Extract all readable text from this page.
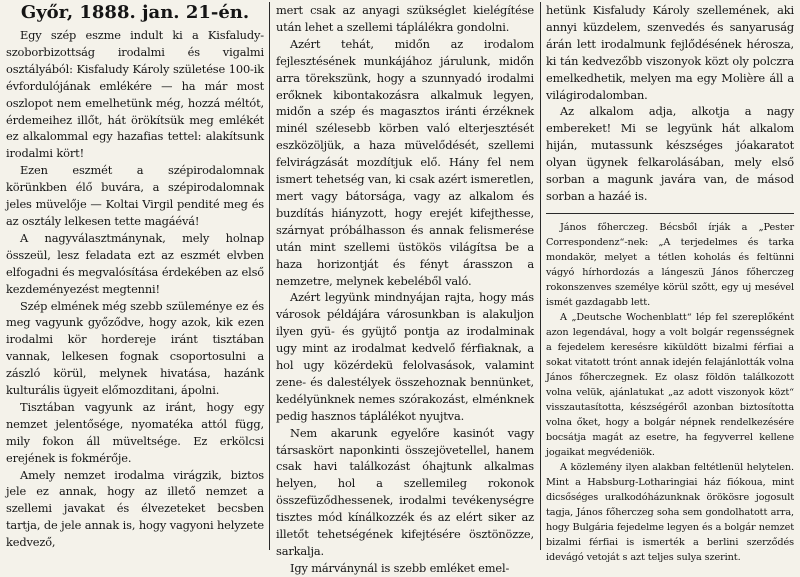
Győr, 1888. jan. 21-én.

Egy szép eszme indult ki a Kisfaludy-szoborbizottság irodalmi és vigalmi osztályából: Kisfaludy Károly születése 100-ik évfordulójának emlékére — ha már most oszlopot nem emelhetünk még, hozzá méltót, érdemeihez illőt, hát örökítsük meg emlékét ez alkalommal egy hazafias tettel: alakítsunk irodalmi kört!

Ezen eszmét a szépirodalomnak körünkben élő buvára, a szépirodalomnak jeles müvelője — Koltai Virgil pendité meg és az osztály lelkesen tette magáévá!

A nagyválasztmánynak, mely holnap összeül, lesz feladata ezt az eszmét elvben elfogadni és megvalósítása érdekében az első kezdeményezést megtenni!

Szép elmének még szebb szüleménye ez és meg vagyunk győződve, hogy azok, kik ezen irodalmi kör hordereje iránt tisztában vannak, lelkesen fognak csoportosulni a zászló körül, melynek hivatása, hazánk kulturális ügyeit előmozditani, ápolni.

Tisztában vagyunk az iránt, hogy egy nemzet jelentősége, nyomatéka attól függ, mily fokon áll müveltsége. Ez erkölcsi erejének is fokmérője.

Amely nemzet irodalma virágzik, biztos jele ez annak, hogy az illető nemzet a szellemi javakat és élvezeteket becsben tartja, de jele annak is, hogy vagyoni helyzete kedvező,

mert csak az anyagi szükséglet kielégítése után lehet a szellemi táplálékra gondolni.

Azért tehát, midőn az irodalom fejlesztésének munkájához járulunk, midőn arra törekszünk, hogy a szunnyadó irodalmi erőknek kibontakozásra alkalmuk legyen, midőn a szép és magasztos iránti érzéknek minél szélesebb körben való elterjesztését eszközöljük, a haza müvelődését, szellemi felvirágzását mozdítjuk elő. Hány fel nem ismert tehetség van, ki csak azért ismeretlen, mert vagy bátorsága, vagy az alkalom és buzdítás hiányzott, hogy erejét kifejthesse, szárnyat próbálhasson és annak felismerése után mint szellemi üstökös világítsa be a haza horizontját és fényt árasszon a nemzetre, melynek kebeléből való.

Azért legyünk mindnyájan rajta, hogy más városok példájára városunkban is alakuljon ilyen gyü- és gyüjtő pontja az irodalminak ugy mint az irodalmat kedvelő férfiaknak, a hol ugy közérdekü felolvasások, valamint zene- és dalestélyek összehoznak bennünket, kedélyünknek nemes szórakozást, elménknek pedig hasznos táplálékot nyujtva.

Nem akarunk egyelőre kasinót vagy társaskört naponkinti összejövetellel, hanem csak havi találkozást óhajtunk alkalmas helyen, hol a szellemileg rokonok összefüződhessenek, irodalmi tevékenységre tisztes mód kínálkozzék és az elért siker az illetőt tehetségének kifejtésére ösztönözze, sarkalja.

Igy márványnál is szebb emléket emel-

hetünk Kisfaludy Károly szellemének, aki annyi küzdelem, szenvedés és sanyaruság árán lett irodalmunk fejlődésének hérosza, ki tán kedvezőbb viszonyok közt oly polczra emelkedhetik, melyen ma egy Molière áll a világirodalomban.

Az alkalom adja, alkotja a nagy embereket! Mi se legyünk hát alkalom hiján, mutassunk készséges jóakaratot olyan ügynek felkarolásában, mely első sorban a magunk javára van, de másod sorban a hazáé is.

János főherczeg. Bécsből írják a „Pester Correspondenz“-nek: „A terjedelmes és tarka mondakör, melyet a tétlen koholás és feltünni vágyó hírhordozás a lángeszü János főherczeg rokonszenves személye körül szőtt, egy uj mesével ismét gazdagabb lett.

A „Deutsche Wochenblatt“ lép fel szereplőként azon legendával, hogy a volt bolgár regensségnek a fejedelem keresésre kiküldött bizalmi férfiai a sokat vitatott trónt annak idején felajánlották volna János főherczegnek. Ez olasz földön találkozott volna velük, ajánlatukat „az adott viszonyok közt“ visszautasította, készségéről azonban biztosította volna őket, hogy a bolgár népnek rendelkezésére bocsátja magát az esetre, ha fegyverrel kellene jogaikat megvédeniök.

A közlemény ilyen alakban feltétlenül helytelen. Mint a Habsburg-Lotharingiai ház fiókoua, mint dicsőséges uralkodóházunknak örökösre jogosult tagja, János főherczeg soha sem gondolhatott arra, hogy Bulgária fejedelme legyen és a bolgár nemzet bizalmi férfiai is ismerték a berlini szerződés idevágó vetoját s azt teljes sulya szerint.
